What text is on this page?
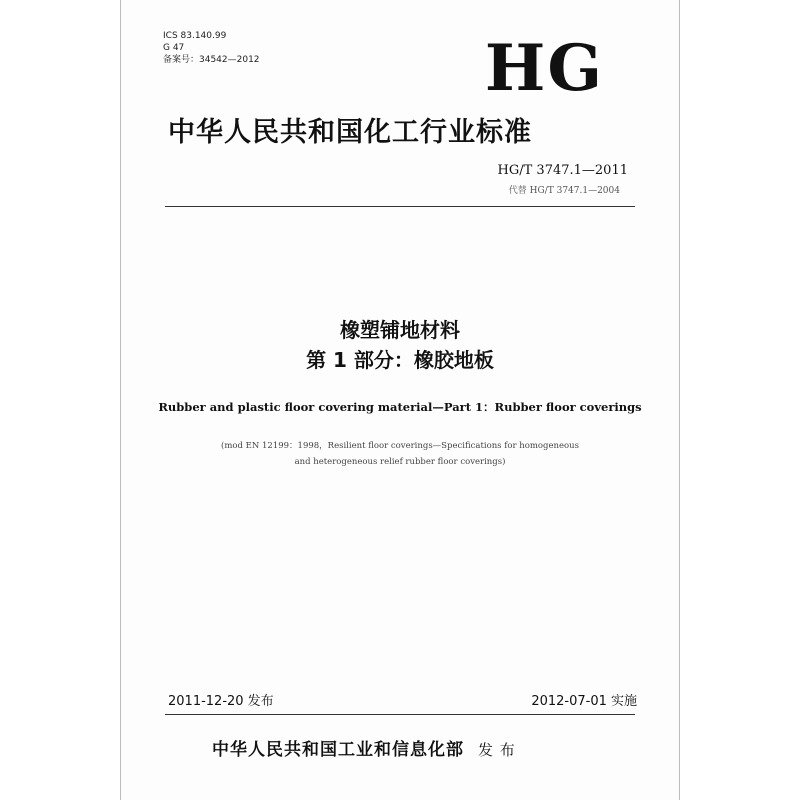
ICS 83.140.99
G 47
备案号：34542—2012	HG
中华人民共和国化工行业标准
HG/T 3747.1—2011
代替 HG/T 3747.1—2004
橡塑铺地材料
第 1 部分：橡胶地板
Rubber and plastic floor covering material—Part 1：Rubber floor coverings
(mod EN 12199：1998，Resilient floor coverings—Specifications for homogeneous
and heterogeneous relief rubber floor coverings)
2011-12-20 发布	2012-07-01 实施
中华人民共和国工业和信息化部 发 布
